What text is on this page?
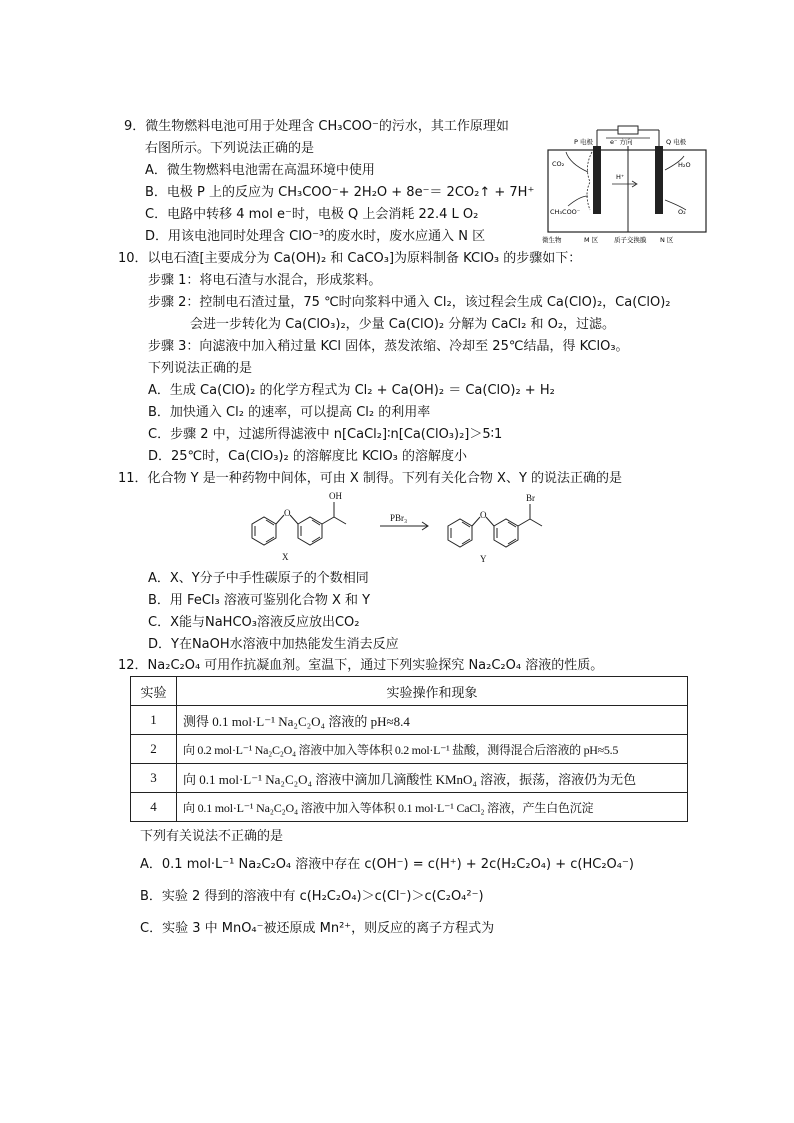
9．微生物燃料电池可用于处理含 CH₃COO⁻的污水，其工作原理如
右图所示。下列说法正确的是
A．微生物燃料电池需在高温环境中使用
B．电极 P 上的反应为 CH₃COO⁻+ 2H₂O + 8e⁻＝ 2CO₂↑ + 7H⁺
C．电路中转移 4 mol e⁻时，电极 Q 上会消耗 22.4 L O₂
D．用该电池同时处理含 ClO⁻³的废水时，废水应通入 N 区
P 电极	e⁻ 方向	Q 电极
CO₂
CH₃COO⁻
H⁺
H₂O
O₂
微生物	M 区 质子交换膜 N 区
10．以电石渣[主要成分为 Ca(OH)₂ 和 CaCO₃]为原料制备 KClO₃ 的步骤如下：
步骤 1：将电石渣与水混合，形成浆料。
步骤 2：控制电石渣过量，75 ℃时向浆料中通入 Cl₂，该过程会生成 Ca(ClO)₂，Ca(ClO)₂
会进一步转化为 Ca(ClO₃)₂，少量 Ca(ClO)₂ 分解为 CaCl₂ 和 O₂，过滤。
步骤 3：向滤液中加入稍过量 KCl 固体，蒸发浓缩、冷却至 25℃结晶，得 KClO₃。
下列说法正确的是
A．生成 Ca(ClO)₂ 的化学方程式为 Cl₂ + Ca(OH)₂ ＝ Ca(ClO)₂ + H₂
B．加快通入 Cl₂ 的速率，可以提高 Cl₂ 的利用率
C．步骤 2 中，过滤所得滤液中 n[CaCl₂]∶n[Ca(ClO₃)₂]＞5∶1
D．25℃时，Ca(ClO₃)₂ 的溶解度比 KClO₃ 的溶解度小
11．化合物 Y 是一种药物中间体，可由 X 制得。下列有关化合物 X、Y 的说法正确的是
O
OH
X
PBr₃	O
Br
Y
A．X、Y分子中手性碳原子的个数相同
B．用 FeCl₃ 溶液可鉴别化合物 X 和 Y
C．X能与NaHCO₃溶液反应放出CO₂
D．Y在NaOH水溶液中加热能发生消去反应
12．Na₂C₂O₄ 可用作抗凝血剂。室温下，通过下列实验探究 Na₂C₂O₄ 溶液的性质。
实验	实验操作和现象
1	测得 0.1 mol·L⁻¹ Na₂C₂O₄ 溶液的 pH≈8.4
2	向 0.2 mol·L⁻¹ Na₂C₂O₄ 溶液中加入等体积 0.2 mol·L⁻¹ 盐酸，测得混合后溶液的 pH≈5.5
3	向 0.1 mol·L⁻¹ Na₂C₂O₄ 溶液中滴加几滴酸性 KMnO₄ 溶液，振荡，溶液仍为无色
4	向 0.1 mol·L⁻¹ Na₂C₂O₄ 溶液中加入等体积 0.1 mol·L⁻¹ CaCl₂ 溶液，产生白色沉淀
下列有关说法不正确的是
A．0.1 mol·L⁻¹ Na₂C₂O₄ 溶液中存在 c(OH⁻) = c(H⁺) + 2c(H₂C₂O₄) + c(HC₂O₄⁻)
B．实验 2 得到的溶液中有 c(H₂C₂O₄)＞c(Cl⁻)＞c(C₂O₄²⁻)
C．实验 3 中 MnO₄⁻被还原成 Mn²⁺，则反应的离子方程式为
